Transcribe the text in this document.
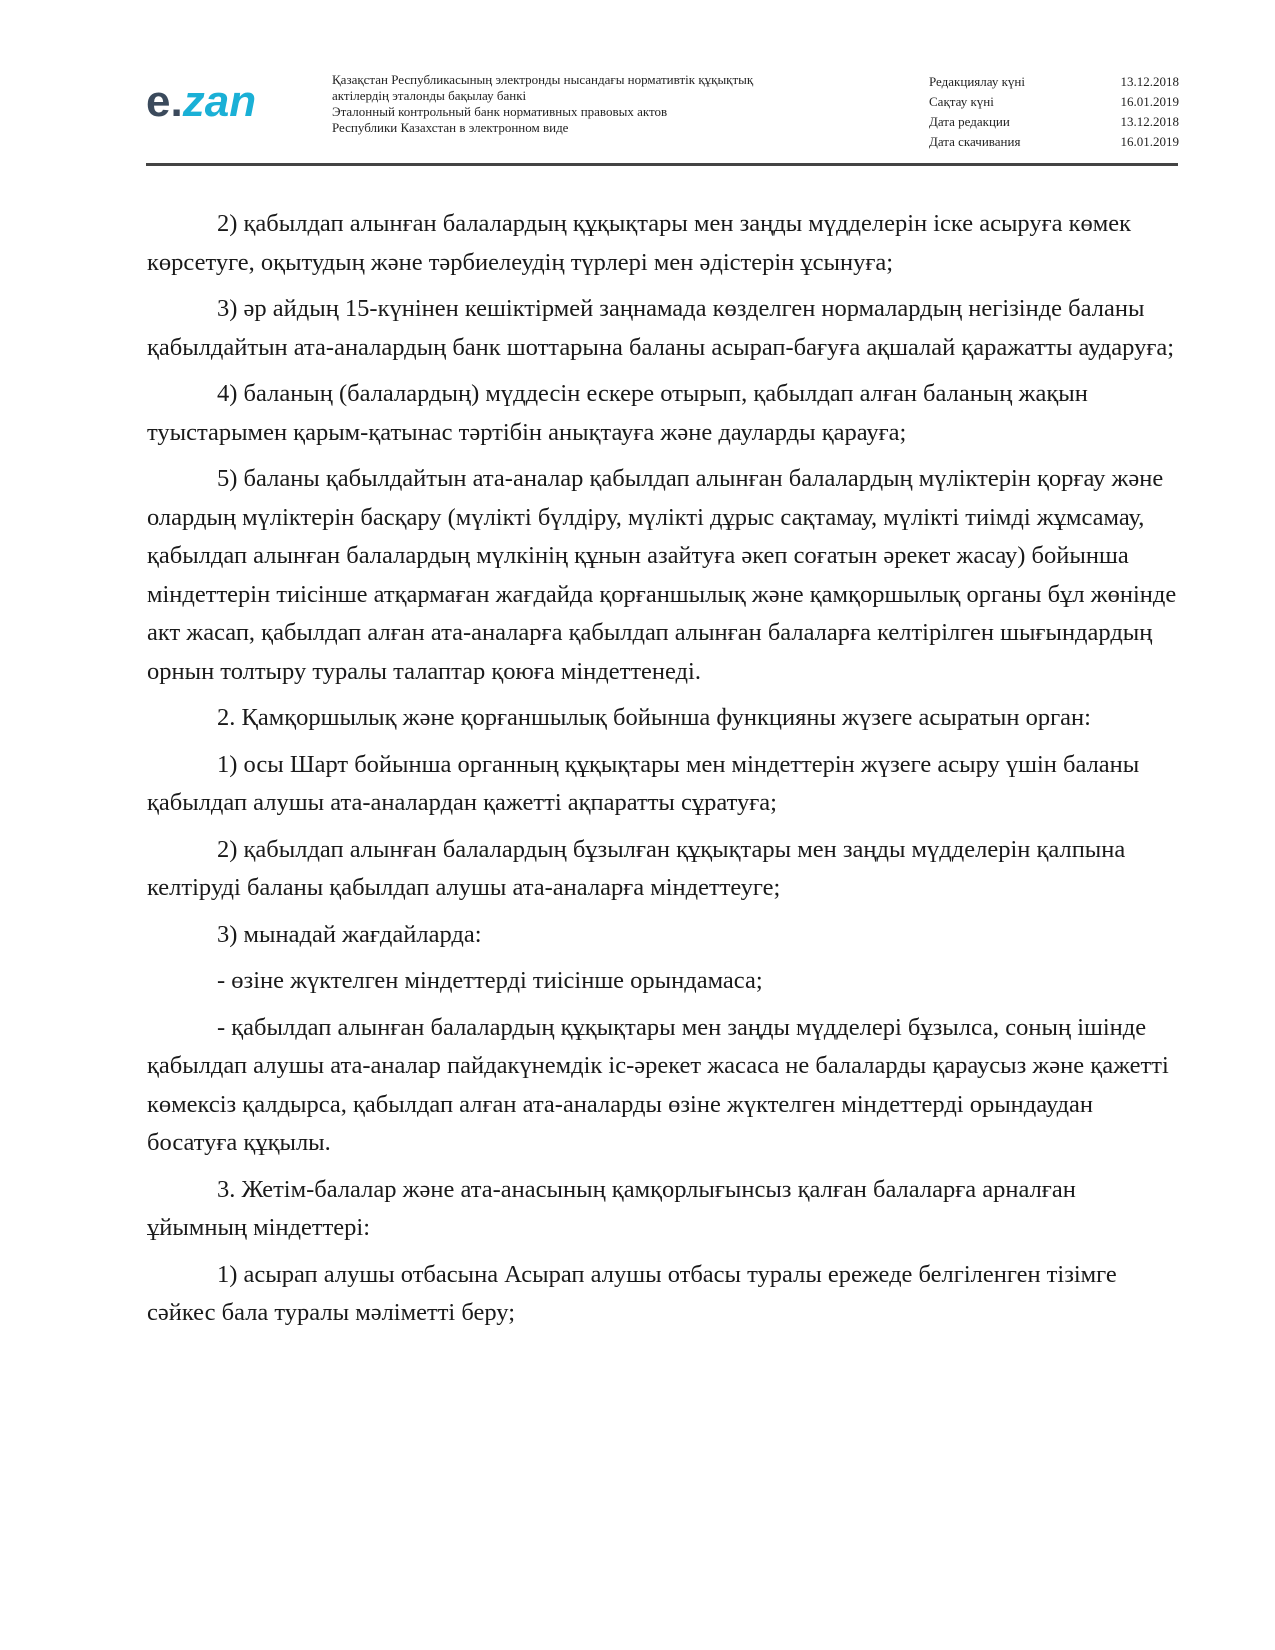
e.zan	Қазақстан Республикасының электронды нысандағы нормативтік құқықтық
актілердің эталонды бақылау банкі
Эталонный контрольный банк нормативных правовых актов
Республики Казахстан в электронном виде
Редакциялау күні	13.12.2018
Сақтау күні	16.01.2019
Дата редакции	13.12.2018
Дата скачивания	16.01.2019

2) қабылдап алынған балалардың құқықтары мен заңды мүдделерін іске асыруға көмек көрсетуге, оқытудың және тәрбиелеудің түрлері мен әдістерін ұсынуға;

3) әр айдың 15-күнінен кешіктірмей заңнамада көзделген нормалардың негізінде баланы қабылдайтын ата-аналардың банк шоттарына баланы асырап-бағуға ақшалай қаражатты аударуға;

4) баланың (балалардың) мүддесін ескере отырып, қабылдап алған баланың жақын туыстарымен қарым-қатынас тәртібін анықтауға және дауларды қарауға;

5) баланы қабылдайтын ата-аналар қабылдап алынған балалардың мүліктерін қорғау және олардың мүліктерін басқару (мүлікті бүлдіру, мүлікті дұрыс сақтамау, мүлікті тиімді жұмсамау, қабылдап алынған балалардың мүлкінің құнын азайтуға әкеп соғатын әрекет жасау) бойынша міндеттерін тиісінше атқармаған жағдайда қорғаншылық және қамқоршылық органы бұл жөнінде акт жасап, қабылдап алған ата-аналарға қабылдап алынған балаларға келтірілген шығындардың орнын толтыру туралы талаптар қоюға міндеттенеді.

2. Қамқоршылық және қорғаншылық бойынша функцияны жүзеге асыратын орган:

1) осы Шарт бойынша органның құқықтары мен міндеттерін жүзеге асыру үшін баланы қабылдап алушы ата-аналардан қажетті ақпаратты сұратуға;

2) қабылдап алынған балалардың бұзылған құқықтары мен заңды мүдделерін қалпына келтіруді баланы қабылдап алушы ата-аналарға міндеттеуге;

3) мынадай жағдайларда:

- өзіне жүктелген міндеттерді тиісінше орындамаса;

- қабылдап алынған балалардың құқықтары мен заңды мүдделері бұзылса, соның ішінде қабылдап алушы ата-аналар пайдакүнемдік іс-әрекет жасаса не балаларды қараусыз және қажетті көмексіз қалдырса, қабылдап алған ата-аналарды өзіне жүктелген міндеттерді орындаудан босатуға құқылы.

3. Жетім-балалар және ата-анасының қамқорлығынсыз қалған балаларға арналған ұйымның міндеттері:

1) асырап алушы отбасына Асырап алушы отбасы туралы ережеде белгіленген тізімге сәйкес бала туралы мәліметті беру;
